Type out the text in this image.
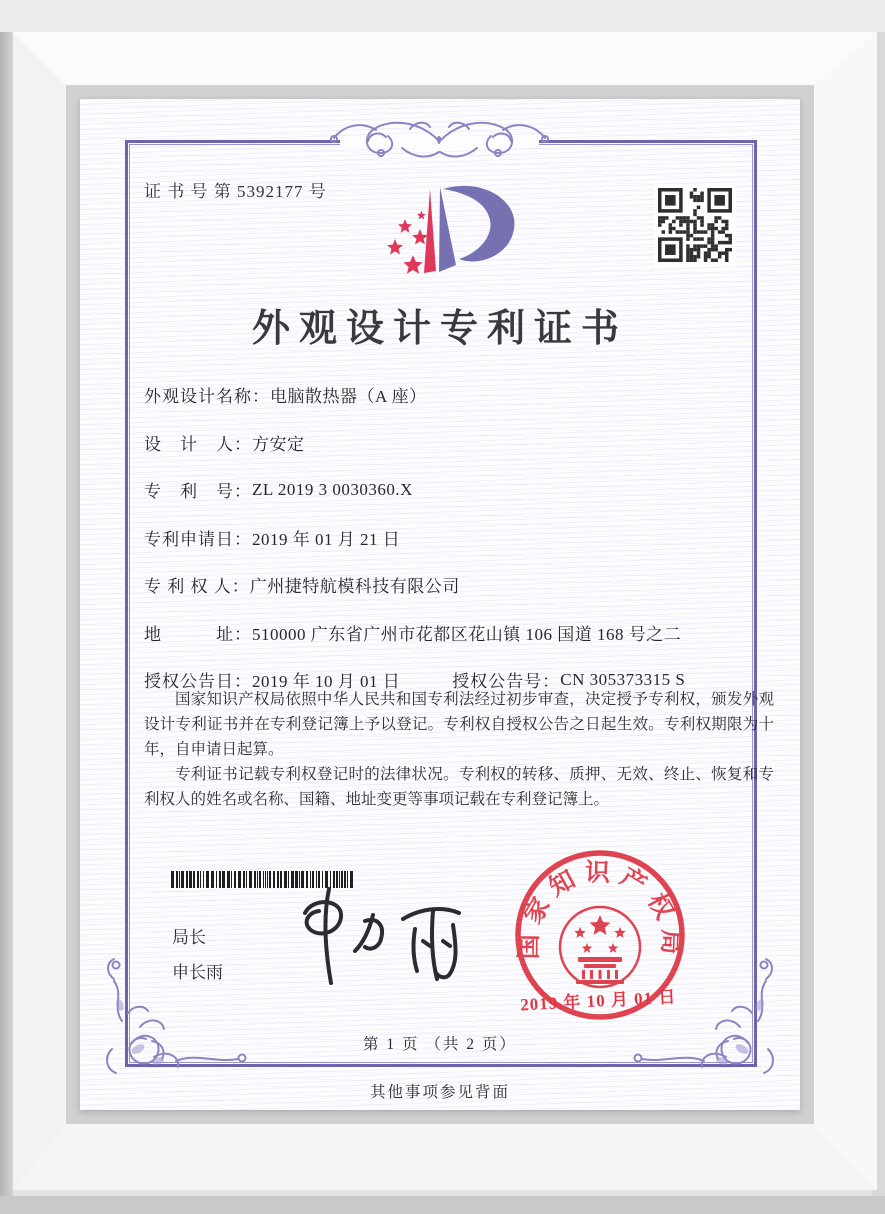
证 书 号 第 5392177 号
外观设计专利证书
外观设计名称： 电脑散热器（A 座）
设　计　人： 方安定
专　利　号： ZL 2019 3 0030360.X
专利申请日： 2019 年 01 月 21 日
专 利 权 人： 广州捷特航模科技有限公司
地　　　址： 510000 广东省广州市花都区花山镇 106 国道 168 号之二
授权公告日： 2019 年 10 月 01 日	授权公告号： CN 305373315 S

国家知识产权局依照中华人民共和国专利法经过初步审查，决定授予专利权，颁发外观设计专利证书并在专利登记簿上予以登记。专利权自授权公告之日起生效。专利权期限为十年，自申请日起算。

专利证书记载专利权登记时的法律状况。专利权的转移、质押、无效、终止、恢复和专利权人的姓名或名称、国籍、地址变更等事项记载在专利登记簿上。

局长
申长雨
国家知识产权局
2019 年 10 月 01 日
第 1 页 （共 2 页）
其他事项参见背面
